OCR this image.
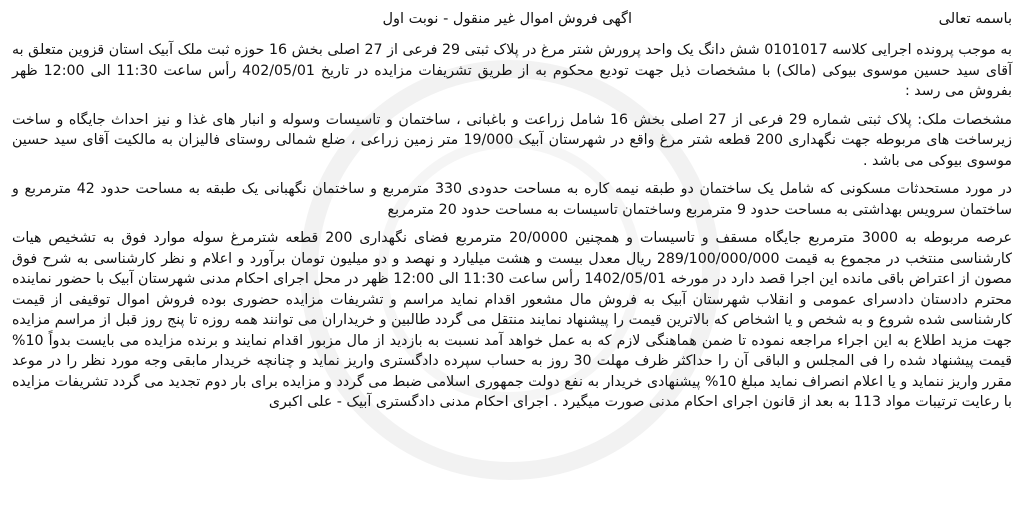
باسمه تعالی
اگهی فروش اموال غیر منقول - نوبت اول

به موجب پرونده اجرایی کلاسه 0101017 شش دانگ یک واحد پرورش شتر مرغ در پلاک ثبتی 29 فرعی از 27 اصلی بخش 16 حوزه ثبت ملک آبیک استان قزوین متعلق به آقای سید حسین موسوی بیوکی (مالک) با مشخصات ذیل جهت تودیع محکوم به از طریق تشریفات مزایده در تاریخ 402/05/01 رأس ساعت 11:30 الی 12:00 ظهر بفروش می رسد :

مشخصات ملک: پلاک ثبتی شماره 29 فرعی از 27 اصلی بخش 16 شامل زراعت و باغبانی ، ساختمان و تاسیسات وسوله و انبار های غذا و نیز احداث جایگاه و ساخت زیرساخت های مربوطه جهت نگهداری 200 قطعه شتر مرغ واقع در شهرستان آبیک 19/000 متر زمین زراعی ، ضلع شمالی روستای فالیزان به مالکیت آقای سید حسین موسوی بیوکی می باشد .

در مورد مستحدثات مسکونی که شامل یک ساختمان دو طبقه نیمه کاره به مساحت حدودی 330 مترمربع و ساختمان نگهبانی یک طبقه به مساحت حدود 42 مترمربع و ساختمان سرویس بهداشتی به مساحت حدود 9 مترمربع وساختمان تاسیسات به مساحت حدود 20 مترمربع

عرصه مربوطه به 3000 مترمربع جایگاه مسقف و تاسیسات و همچنین 20/0000 مترمربع فضای نگهداری 200 قطعه شترمرغ سوله موارد فوق به تشخیص هیات کارشناسی منتخب در مجموع به قیمت 289/100/000/000 ریال معدل بیست و هشت میلیارد و نهصد و دو میلیون تومان برآورد و اعلام و نظر کارشناسی به شرح فوق مصون از اعتراض باقی مانده این اجرا قصد دارد در مورخه 1402/05/01 رأس ساعت 11:30 الی 12:00 ظهر در محل اجرای احکام مدنی شهرستان آبیک با حضور نماینده محترم دادستان دادسرای عمومی و انقلاب شهرستان آبیک به فروش مال مشعور اقدام نماید مراسم و تشریفات مزایده حضوری بوده فروش اموال توقیفی از قیمت کارشناسی شده شروع و به شخص و یا اشخاص که بالاترین قیمت را پیشنهاد نمایند منتقل می گردد طالبین و خریداران می توانند همه روزه تا پنج روز قبل از مراسم مزایده جهت مزید اطلاع به این اجراء مراجعه نموده تا ضمن هماهنگی لازم که به عمل خواهد آمد نسبت به بازدید از مال مزبور اقدام نمایند و برنده مزایده می بایست بدواً 10% قیمت پیشنهاد شده را فی المجلس و الباقی آن را حداکثر ظرف مهلت 30 روز به حساب سپرده دادگستری واریز نماید و چنانچه خریدار مابقی وجه مورد نظر را در موعد مقرر واریز ننماید و یا اعلام انصراف نماید مبلغ 10% پیشنهادی خریدار به نفع دولت جمهوری اسلامی ضبط می گردد و مزایده برای بار دوم تجدید می گردد تشریفات مزایده با رعایت ترتیبات مواد 113 به بعد از قانون اجرای احکام مدنی صورت میگیرد . اجرای احکام مدنی دادگستری آبیک - علی اکبری
